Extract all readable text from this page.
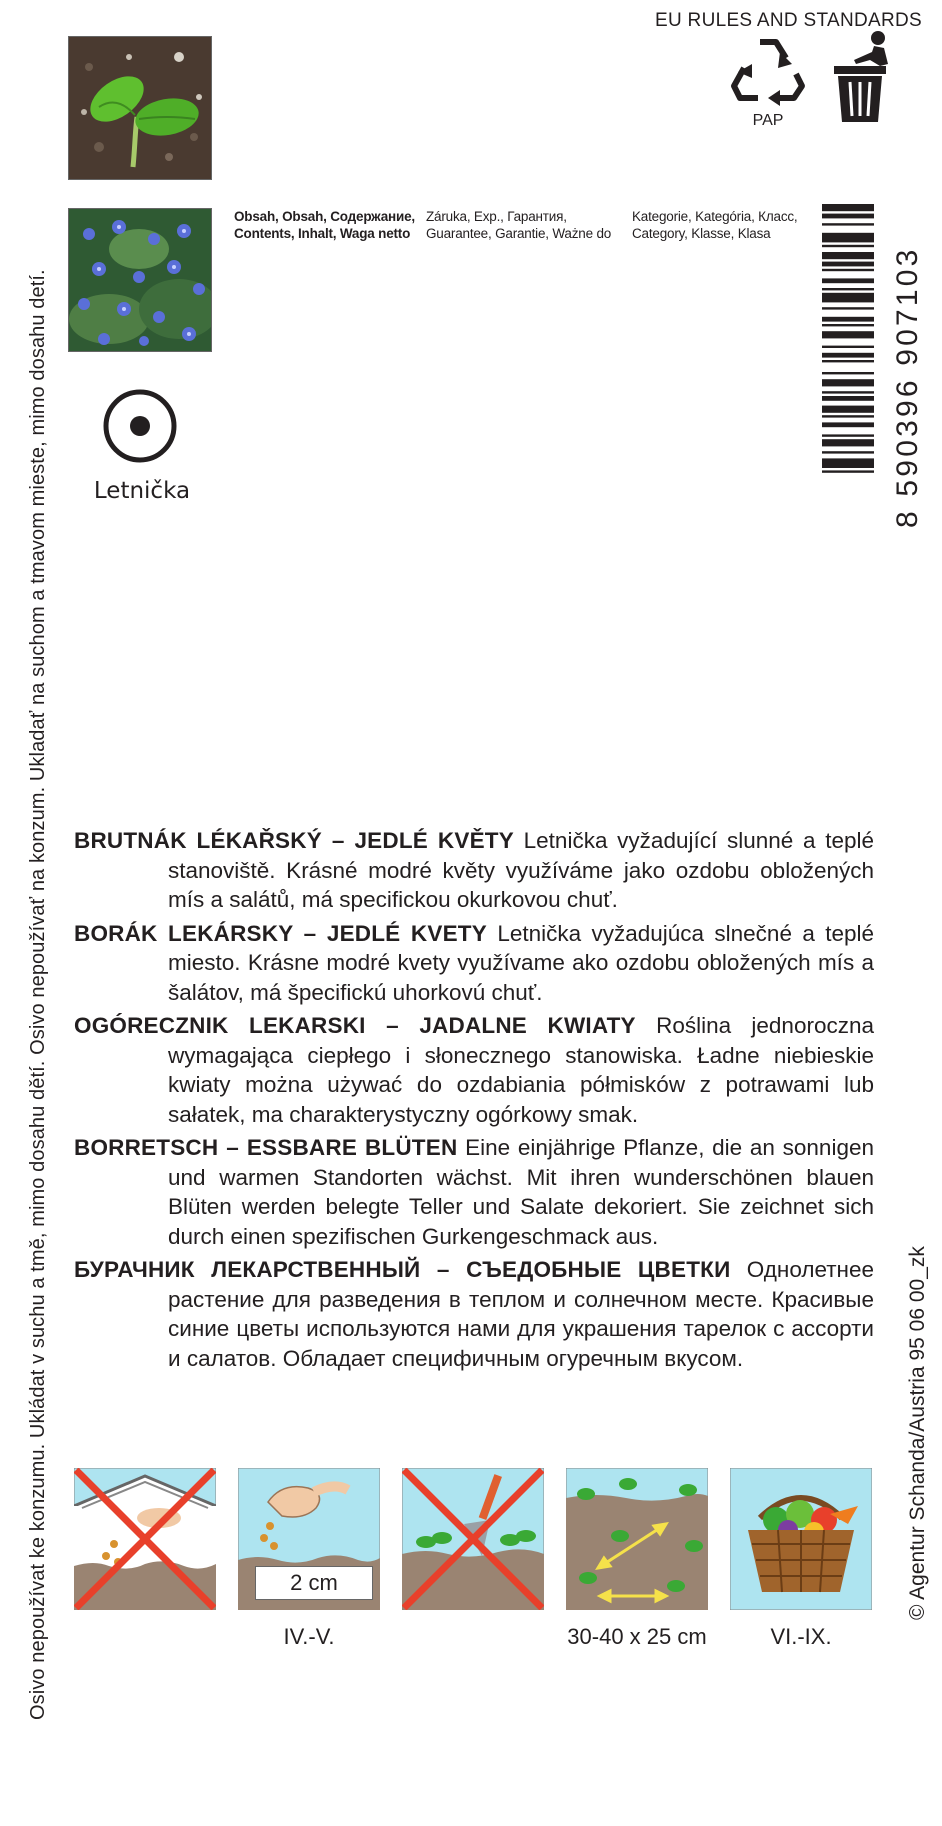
Osivo nepoužívat ke konzumu. Ukládat v suchu a tmě, mimo dosahu dětí. Osivo nepoužívať na konzum. Ukladať na suchom a tmavom mieste, mimo dosahu detí.	© Agentur Schanda/Austria 95 06 00_zk
Letnička
EU RULES AND STANDARDS
PAP
Obsah, Obsah, Содержание, Contents, Inhalt, Waga netto
Záruka, Exp., Гарантия, Guarantee, Garantie, Ważne do
Kategorie, Kategória, Класс, Category, Klasse, Klasa
8 590396 907103

BRUTNÁK LÉKAŘSKÝ – JEDLÉ KVĚTY Letnička vyžadující slunné a teplé stanoviště. Krásné modré květy využíváme jako ozdobu obložených mís a salátů, má specifickou okurkovou chuť.

BORÁK LEKÁRSKY – JEDLÉ KVETY Letnička vyžadujúca slnečné a teplé miesto. Krásne modré kvety využívame ako ozdobu obložených mís a šalátov, má špecifickú uhorkovú chuť.

OGÓRECZNIK LEKARSKI – JADALNE KWIATY Roślina jednoroczna wymagająca ciepłego i słonecznego stanowiska. Ładne niebieskie kwiaty można używać do ozdabiania półmisków z potrawami lub sałatek, ma charakterystyczny ogórkowy smak.

BORRETSCH – ESSBARE BLÜTEN Eine einjährige Pflanze, die an sonnigen und warmen Standorten wächst. Mit ihren wunderschönen blauen Blüten werden belegte Teller und Salate dekoriert. Sie zeichnet sich durch einen spezifischen Gurkengeschmack aus.

БУРАЧНИК ЛЕКАРСТВЕННЫЙ – СЪЕДОБНЫЕ ЦВЕТКИ Однолетнее растение для разведения в теплом и солнечном месте. Красивые синие цветы используются нами для украшения тарелок с ассорти и салатов. Обладает специфичным огуречным вкусом.

2 cm
IV.-V.	30-40 x 25 cm	VI.-IX.
